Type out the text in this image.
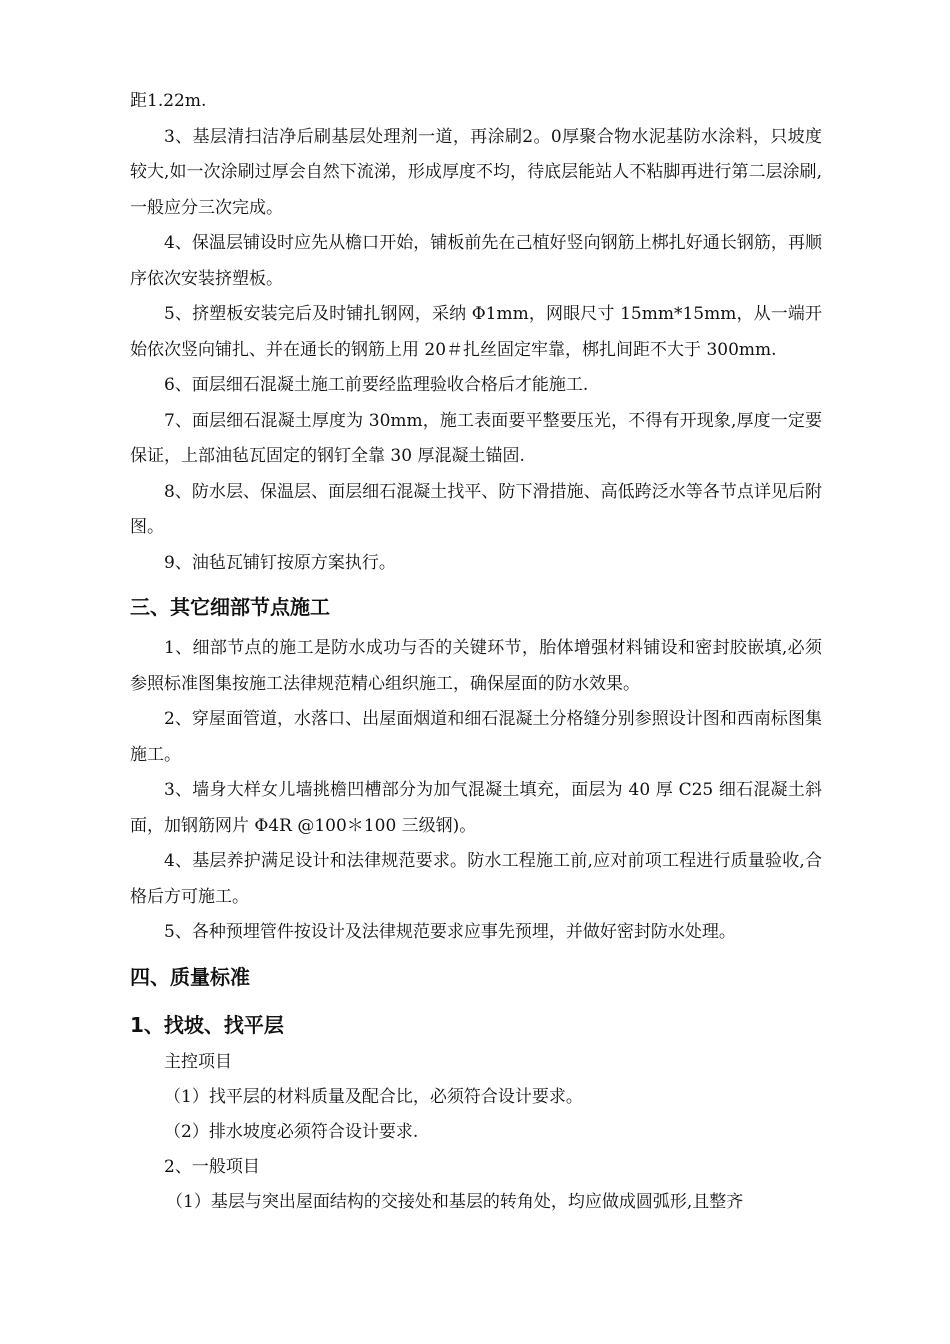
距1.22m.

3、基层清扫洁净后刷基层处理剂一道，再涂刷2。0厚聚合物水泥基防水涂料，只坡度较大,如一次涂刷过厚会自然下流涕，形成厚度不均，待底层能站人不粘脚再进行第二层涂刷,一般应分三次完成。

4、保温层铺设时应先从檐口开始，铺板前先在己植好竖向钢筋上梆扎好通长钢筋，再顺序依次安装挤塑板。

5、挤塑板安装完后及时铺扎钢网，采纳 Φ1mm，网眼尺寸 15mm*15mm，从一端开始依次竖向铺扎、并在通长的钢筋上用 20＃扎丝固定牢靠，梆扎间距不大于 300mm.

6、面层细石混凝土施工前要经监理验收合格后才能施工.

7、面层细石混凝土厚度为 30mm，施工表面要平整要压光，不得有开现象,厚度一定要保证，上部油毡瓦固定的钢钉全靠 30 厚混凝土锚固.

8、防水层、保温层、面层细石混凝土找平、防下滑措施、高低跨泛水等各节点详见后附图。

9、油毡瓦铺钉按原方案执行。

三、其它细部节点施工

1、细部节点的施工是防水成功与否的关键环节，胎体增强材料铺设和密封胶嵌填,必须参照标准图集按施工法律规范精心组织施工，确保屋面的防水效果。

2、穿屋面管道，水落口、出屋面烟道和细石混凝土分格缝分别参照设计图和西南标图集施工。

3、墙身大样女儿墙挑檐凹槽部分为加气混凝土填充，面层为 40 厚 C25 细石混凝土斜面，加钢筋网片 Φ4R @100＊100 三级钢)。

4、基层养护满足设计和法律规范要求。防水工程施工前,应对前项工程进行质量验收,合格后方可施工。

5、各种预埋管件按设计及法律规范要求应事先预埋，并做好密封防水处理。

四、质量标准
1、找坡、找平层

主控项目

（1）找平层的材料质量及配合比，必须符合设计要求。

（2）排水坡度必须符合设计要求.

2、一般项目

（1）基层与突出屋面结构的交接处和基层的转角处，均应做成圆弧形,且整齐
